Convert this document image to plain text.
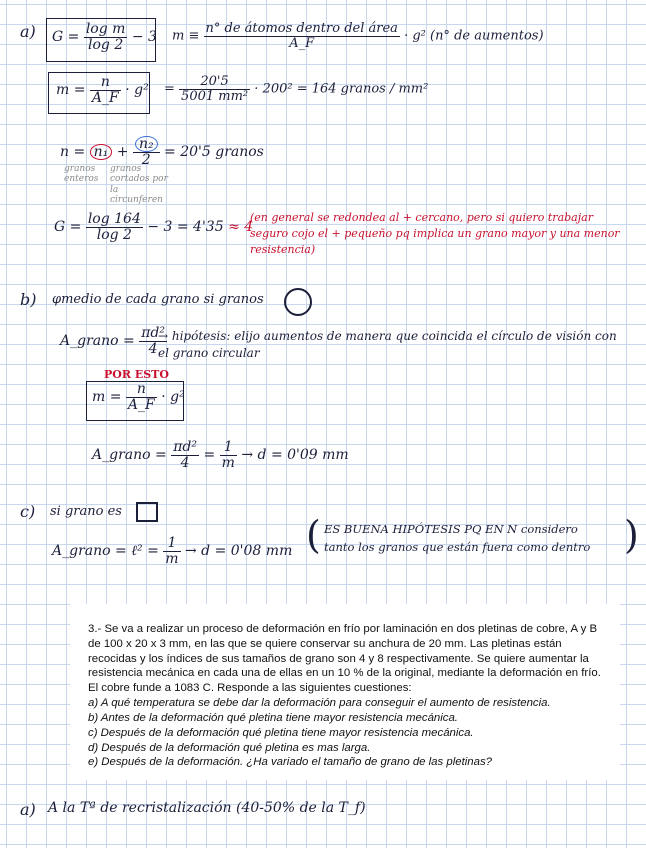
a) $G = \frac{\text{log m}}{\log 2} - 3$ $m \equiv \frac{\text{n° de átomos dentro del área}}{A\_F} \cdot g^2$ (n° de aumentos)
$m = \frac{n}{A\_F} \cdot g^2 = \frac{20'5}{\text{5001 mm²}} \cdot 200^2 = 164$ granos / mm²
$n = n_1 + \frac{\text{n₂}}{2} = 20'5$ granos
granos enteros
granos cortados por la circunferen
$G = \frac{\log 164}{\log 2} - 3 = 4'35 \approx 4$
(en general se redondea al + cercano, pero si quiero trabajar seguro cojo el + pequeño pq implica un grano mayor y una menor resistencia)
b) φmedio de cada grano si granos
A_grano = $\frac{\text{πd²}}{4}$
→ hipótesis: elijo aumentos de manera que coincida el círculo de visión con el grano circular
POR ESTO
$m = \frac{n}{A\_F} \cdot g^2$
A_grano = $\frac{\text{πd²}}{4} = \frac{1}{m} \to d = 0'09$ mm
c) si grano es
A_grano = ℓ² = $\frac{1}{m} \to d = 0'08$ mm ( ES BUENA HIPÓTESIS PQ EN N considero
tanto los granos que están fuera como dentro )

3.- Se va a realizar un proceso de deformación en frío por laminación en dos pletinas de cobre, A y B de 100 x 20 x 3 mm, en las que se quiere conservar su anchura de 20 mm. Las pletinas están recocidas y los índices de sus tamaños de grano son 4 y 8 respectivamente. Se quiere aumentar la resistencia mecánica en cada una de ellas en un 10 % de la original, mediante la deformación en frío. El cobre funde a 1083 C. Responde a las siguientes cuestiones:

a) A qué temperatura se debe dar la deformación para conseguir el aumento de resistencia.

b) Antes de la deformación qué pletina tiene mayor resistencia mecánica.

c) Después de la deformación qué pletina tiene mayor resistencia mecánica.

d) Después de la deformación qué pletina es mas larga.

e) Después de la deformación. ¿Ha variado el tamaño de grano de las pletinas?

a) A la Tª de recristalización (40-50% de la T_f)
